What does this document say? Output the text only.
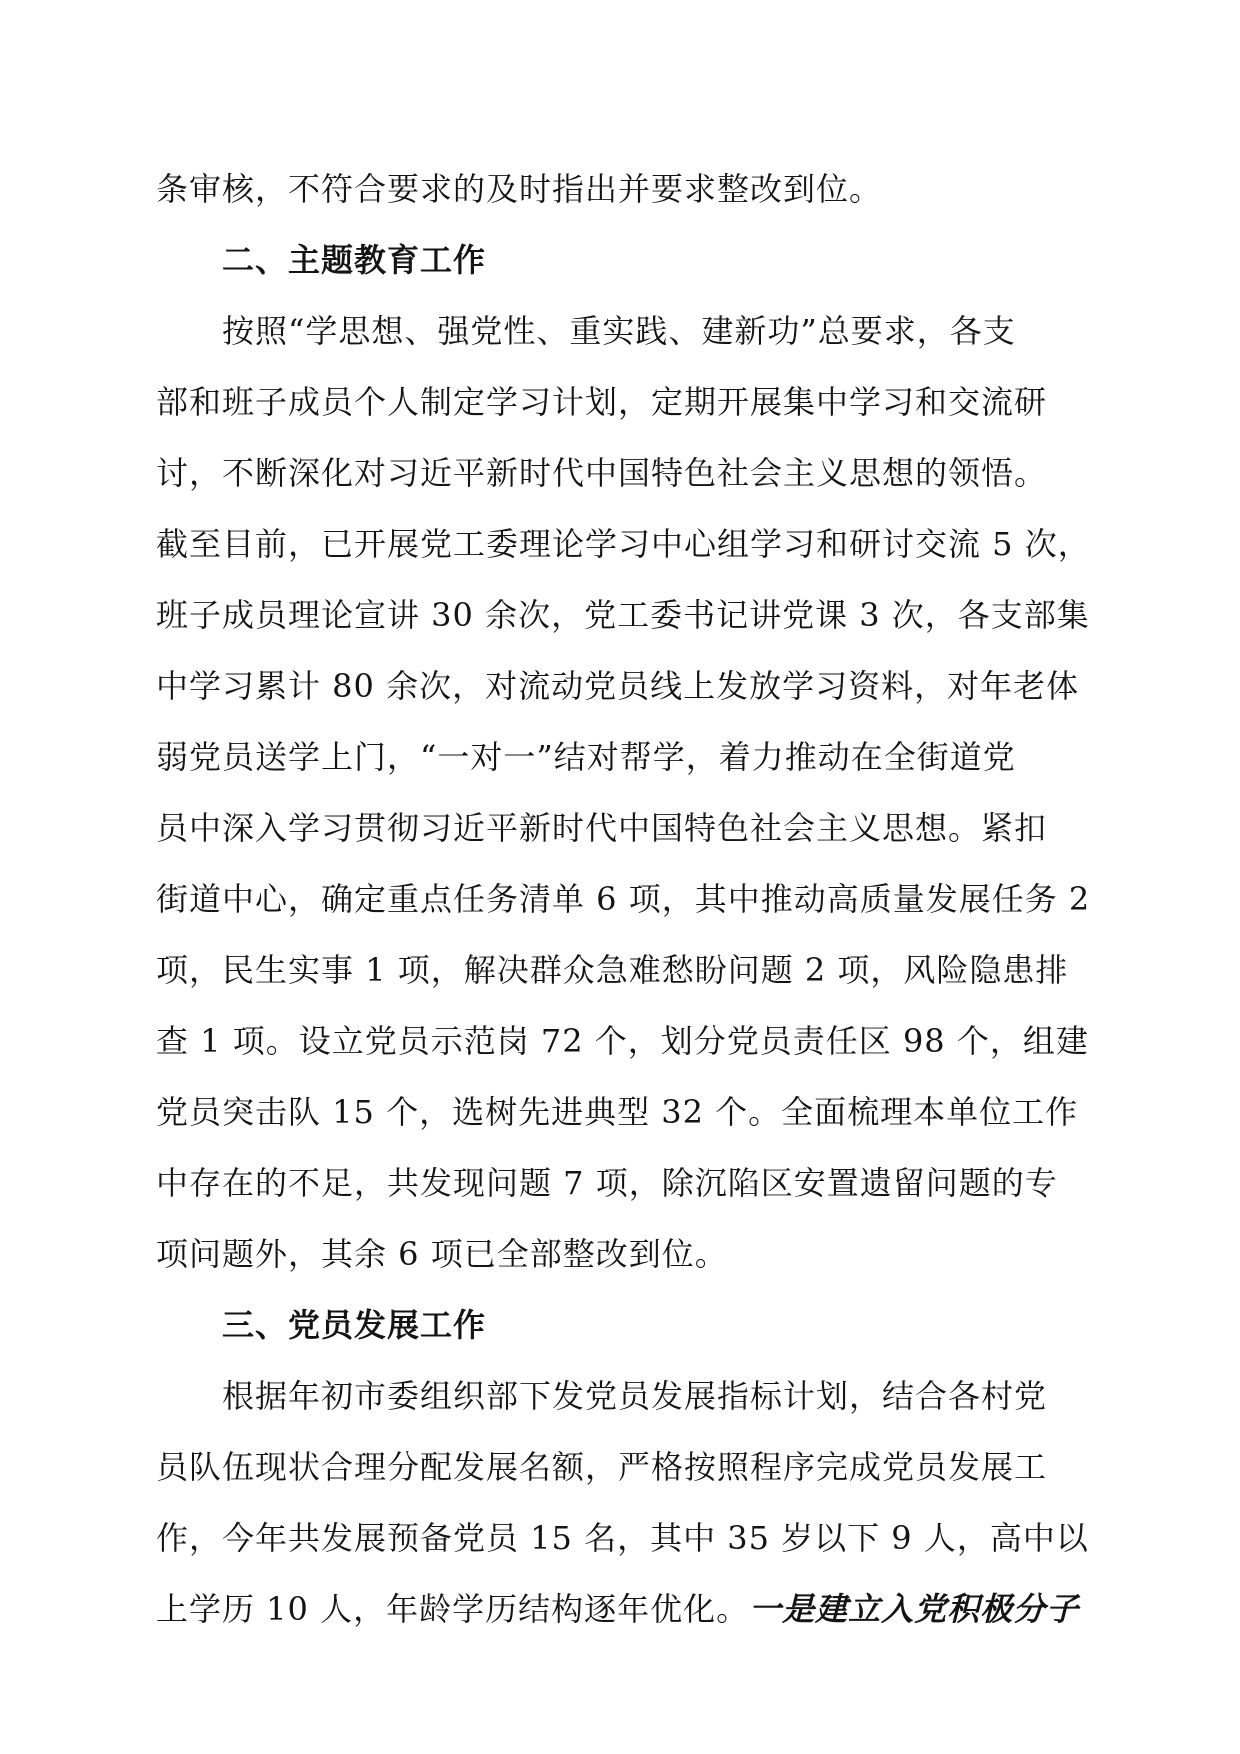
条审核，不符合要求的及时指出并要求整改到位。
二、主题教育工作
按照“学思想、强党性、重实践、建新功”总要求，各支
部和班子成员个人制定学习计划，定期开展集中学习和交流研
讨，不断深化对习近平新时代中国特色社会主义思想的领悟。
截至目前，已开展党工委理论学习中心组学习和研讨交流 5 次，
班子成员理论宣讲 30 余次，党工委书记讲党课 3 次，各支部集
中学习累计 80 余次，对流动党员线上发放学习资料，对年老体
弱党员送学上门，“一对一”结对帮学，着力推动在全街道党
员中深入学习贯彻习近平新时代中国特色社会主义思想。紧扣
街道中心，确定重点任务清单 6 项，其中推动高质量发展任务 2
项，民生实事 1 项，解决群众急难愁盼问题 2 项，风险隐患排
查 1 项。设立党员示范岗 72 个，划分党员责任区 98 个，组建
党员突击队 15 个，选树先进典型 32 个。全面梳理本单位工作
中存在的不足，共发现问题 7 项，除沉陷区安置遗留问题的专
项问题外，其余 6 项已全部整改到位。
三、党员发展工作
根据年初市委组织部下发党员发展指标计划，结合各村党
员队伍现状合理分配发展名额，严格按照程序完成党员发展工
作，今年共发展预备党员 15 名，其中 35 岁以下 9 人，高中以
上学历 10 人，年龄学历结构逐年优化。一是建立入党积极分子
